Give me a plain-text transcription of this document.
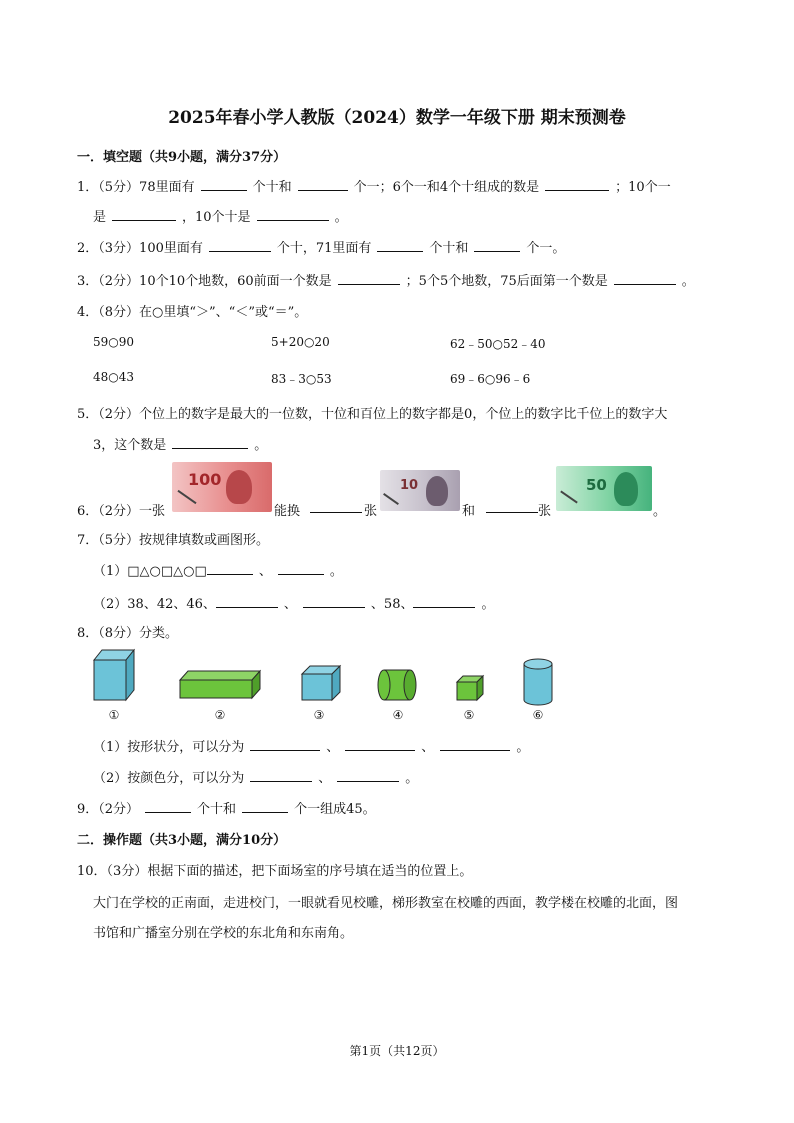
2025年春小学人教版（2024）数学一年级下册 期末预测卷
一．填空题（共9小题，满分37分）
1．（5分）78里面有	个十和	个一；6个一和4个十组成的数是	；10个一
是	，10个十是	。
2．（3分）100里面有	个十，71里面有	个十和	个一。
3．（2分）10个10个地数，60前面一个数是	；5个5个地数，75后面第一个数是	。
4．（8分）在○里填“＞”、“＜”或“＝”。
59○90	5+20○20	62﹣50○52﹣40
48○43	83﹣3○53	69﹣6○96﹣6
5．（2分）个位上的数字是最大的一位数，十位和百位上的数字都是0，个位上的数字比千位上的数字大
3，这个数是	。
100	10	50
6．（2分）一张	能换	张	和	张	。
7．（5分）按规律填数或画图形。
（1）□△○□△○□	、	。
（2）38、42、46、	、	、58、	。
8．（8分）分类。
①	②	③	④	⑤	⑥
（1）按形状分，可以分为	、	、	。
（2）按颜色分，可以分为	、	。
9．（2分）	个十和	个一组成45。
二．操作题（共3小题，满分10分）
10．（3分）根据下面的描述，把下面场室的序号填在适当的位置上。
大门在学校的正南面，走进校门，一眼就看见校雕，梯形教室在校雕的西面，教学楼在校雕的北面，图
书馆和广播室分别在学校的东北角和东南角。
第1页（共12页）
